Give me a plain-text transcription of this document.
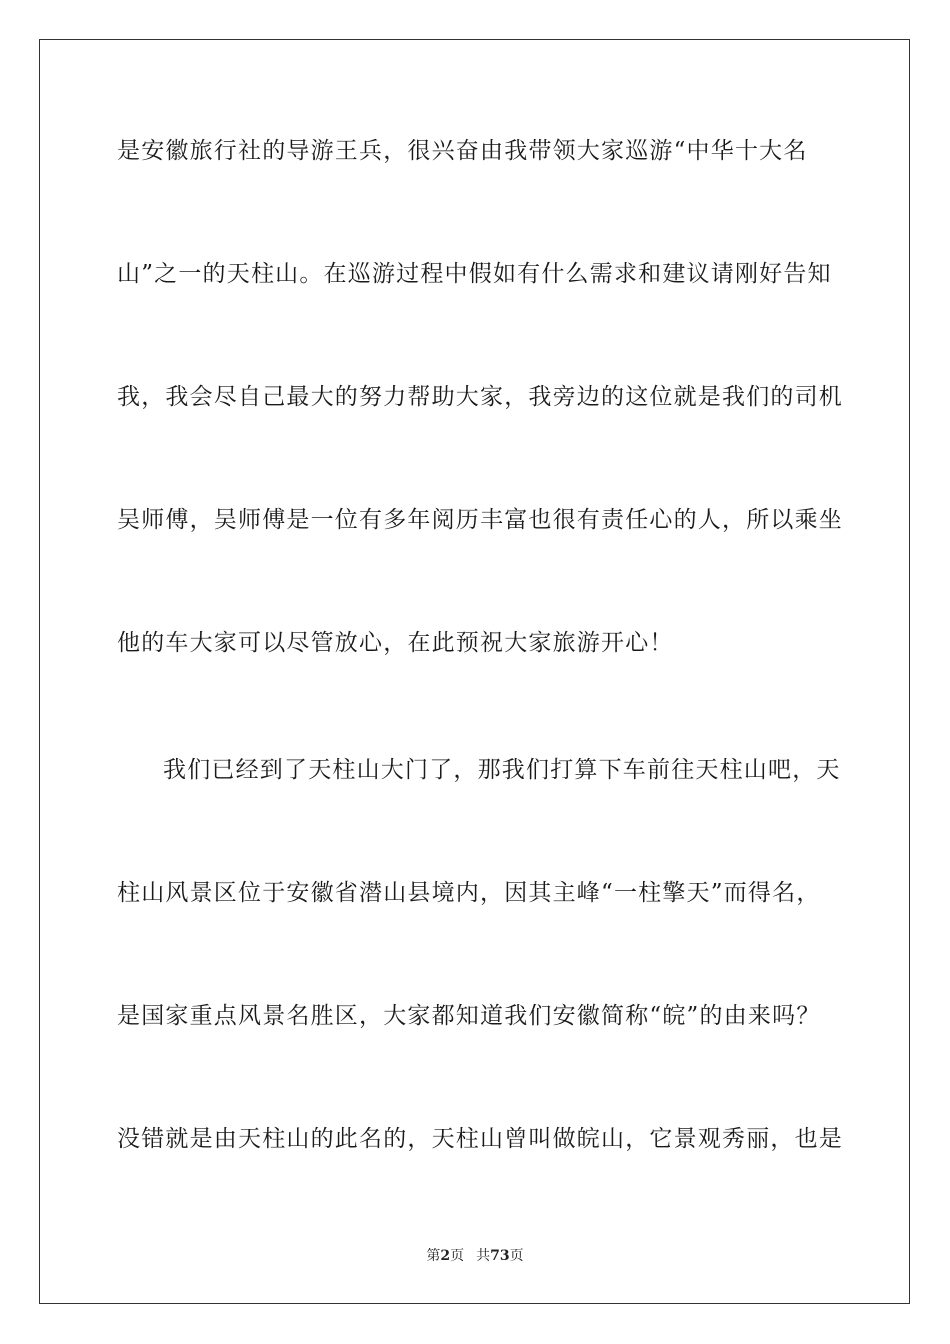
是安徽旅行社的导游王兵，很兴奋由我带领大家巡游“中华十大名
山”之一的天柱山。在巡游过程中假如有什么需求和建议请刚好告知
我，我会尽自己最大的努力帮助大家，我旁边的这位就是我们的司机
吴师傅，吴师傅是一位有多年阅历丰富也很有责任心的人，所以乘坐
他的车大家可以尽管放心，在此预祝大家旅游开心！
我们已经到了天柱山大门了，那我们打算下车前往天柱山吧，天
柱山风景区位于安徽省潜山县境内，因其主峰“一柱擎天”而得名，
是国家重点风景名胜区，大家都知道我们安徽简称“皖”的由来吗？
没错就是由天柱山的此名的，天柱山曾叫做皖山，它景观秀丽，也是
第2页 共73页
